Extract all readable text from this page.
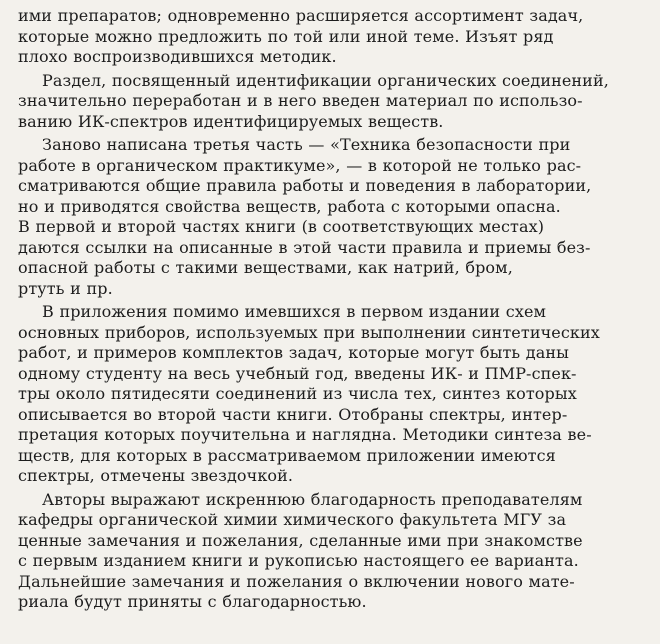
ими препаратов; одновременно расширяется ассортимент задач,
которые можно предложить по той или иной теме. Изъят ряд
плохо воспроизводившихся методик.
Раздел, посвященный идентификации органических соединений,
значительно переработан и в него введен материал по использо-
ванию ИК-спектров идентифицируемых веществ.
Заново написана третья часть — «Техника безопасности при
работе в органическом практикуме», — в которой не только рас-
сматриваются общие правила работы и поведения в лаборатории,
но и приводятся свойства веществ, работа с которыми опасна.
В первой и второй частях книги (в соответствующих местах)
даются ссылки на описанные в этой части правила и приемы без-
опасной работы с такими веществами, как натрий, бром,
ртуть и пр.
В приложения помимо имевшихся в первом издании схем
основных приборов, используемых при выполнении синтетических
работ, и примеров комплектов задач, которые могут быть даны
одному студенту на весь учебный год, введены ИК- и ПМР-спек-
тры около пятидесяти соединений из числа тех, синтез которых
описывается во второй части книги. Отобраны спектры, интер-
претация которых поучительна и наглядна. Методики синтеза ве-
ществ, для которых в рассматриваемом приложении имеются
спектры, отмечены звездочкой.
Авторы выражают искреннюю благодарность преподавателям
кафедры органической химии химического факультета МГУ за
ценные замечания и пожелания, сделанные ими при знакомстве
с первым изданием книги и рукописью настоящего ее варианта.
Дальнейшие замечания и пожелания о включении нового мате-
риала будут приняты с благодарностью.
